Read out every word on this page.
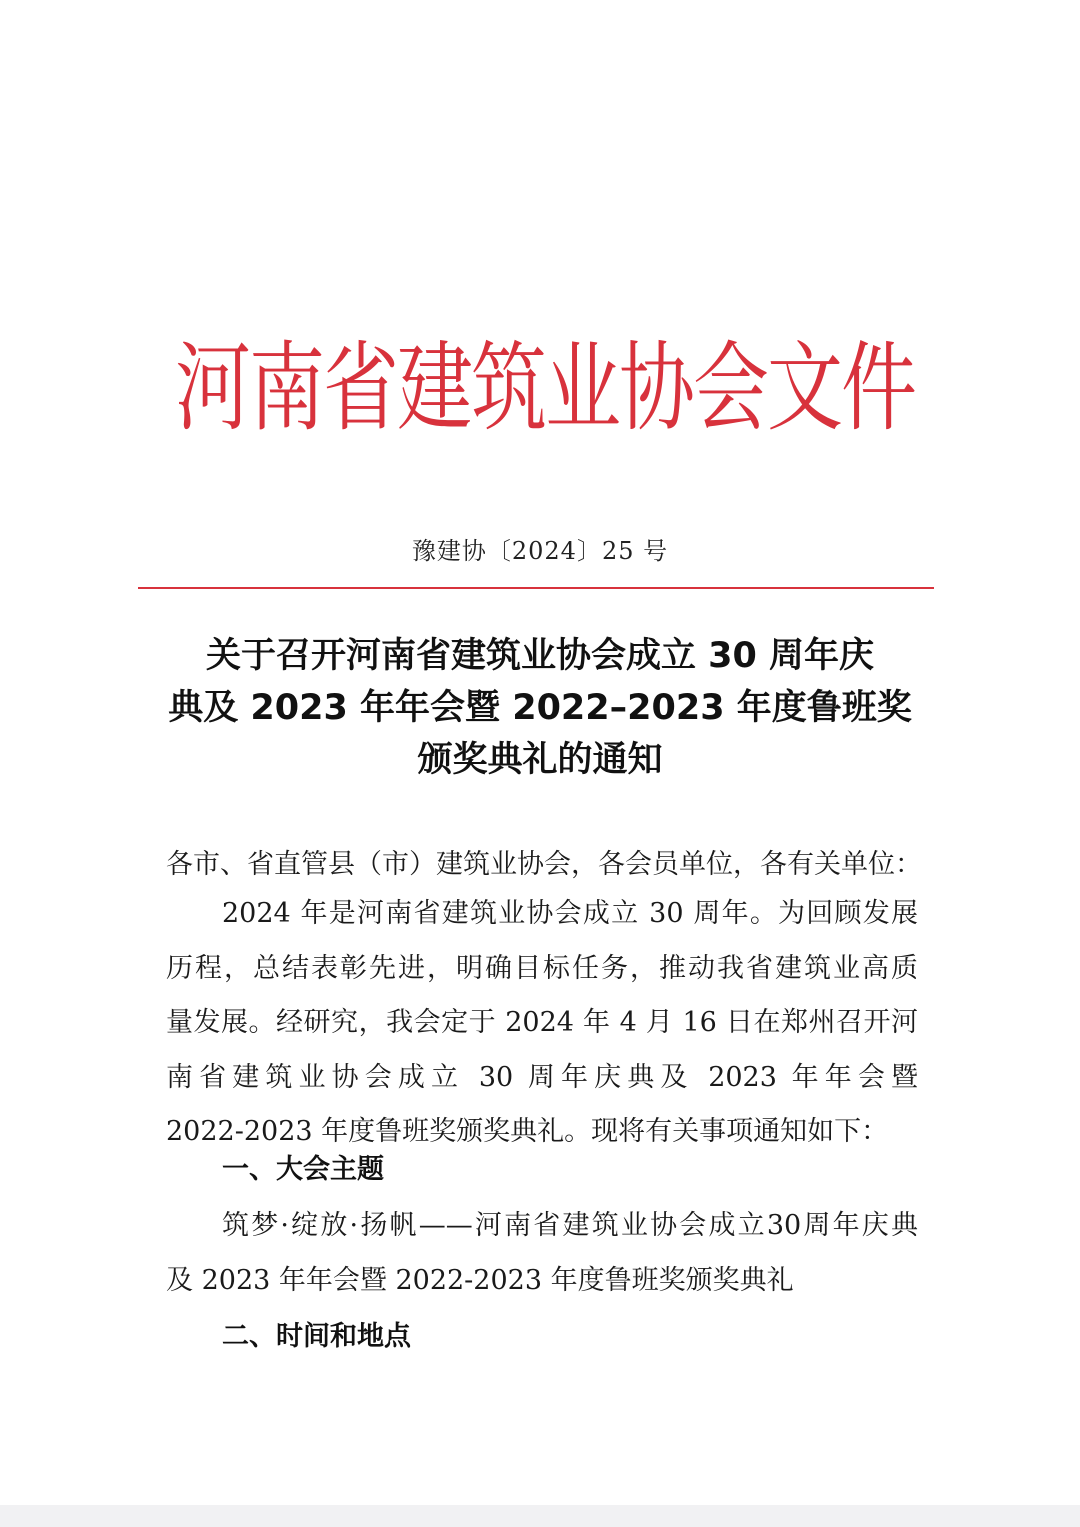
河南省建筑业协会文件
豫建协〔2024〕25 号
关于召开河南省建筑业协会成立 30 周年庆
典及 2023 年年会暨 2022–2023 年度鲁班奖
颁奖典礼的通知
各市、省直管县（市）建筑业协会，各会员单位，各有关单位：
2024 年是河南省建筑业协会成立 30 周年。为回顾发展
历程，总结表彰先进，明确目标任务，推动我省建筑业高质
量发展。经研究，我会定于 2024 年 4 月 16 日在郑州召开河
南省建筑业协会成立 30 周年庆典及 2023 年年会暨
2022-2023 年度鲁班奖颁奖典礼。现将有关事项通知如下：
一、大会主题
筑梦·绽放·扬帆——河南省建筑业协会成立30周年庆典
及 2023 年年会暨 2022-2023 年度鲁班奖颁奖典礼
二、时间和地点
